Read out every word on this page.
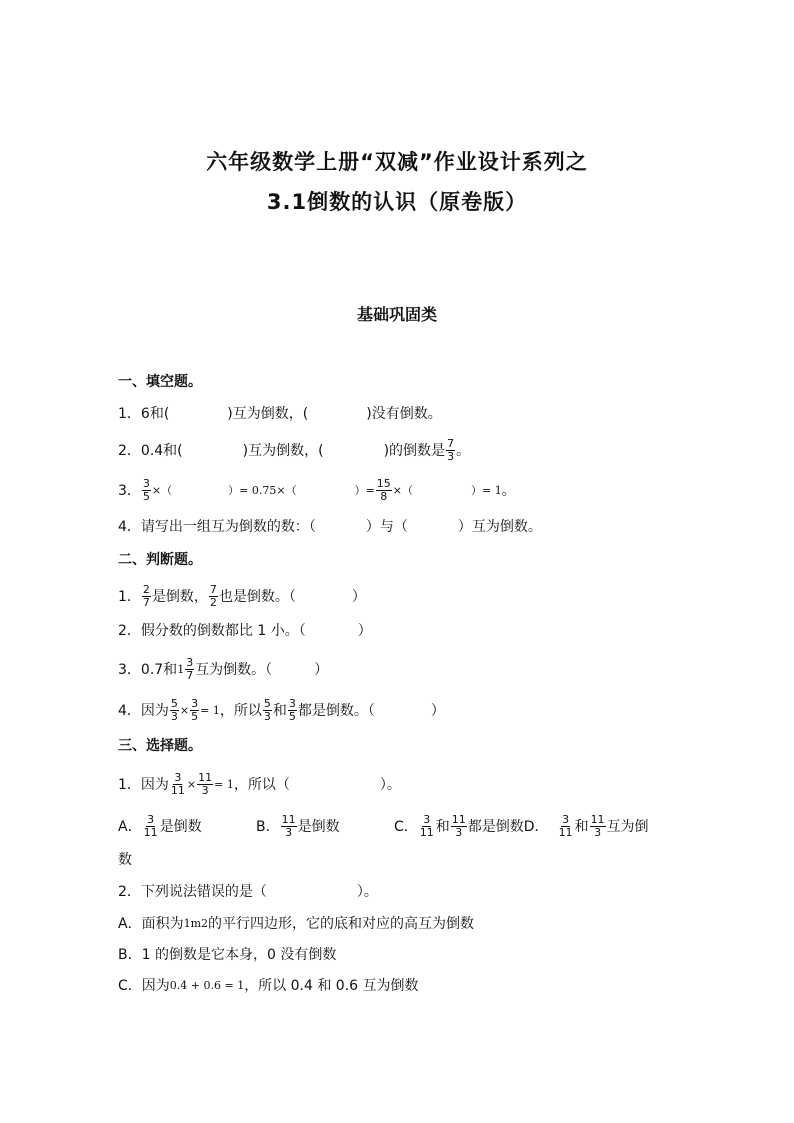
六年级数学上册“双减”作业设计系列之
3.1倒数的认识（原卷版）
基础巩固类
一、填空题。
1． 6和(	)互为倒数，(	)没有倒数。
2． 0.4和(	)互为倒数，(	)的倒数是 $\frac{7}{3}$ 。
3． $\frac{3}{5}$ ×（	）= 0.75×（	）= $\frac{15}{8}$ ×（	）= 1 。
4． 请写出一组互为倒数的数：（	）与（	）互为倒数。
二、判断题。
1． $\frac{2}{7}$ 是倒数， $\frac{7}{2}$ 也是倒数。（	）
2． 假分数的倒数都比 1 小。（	）
3． 0.7和 $1 \frac{3}{7}$ 互为倒数。（	）
4． 因为 $\frac{5}{3} \times \frac{3}{5} = 1$ ，所以 $\frac{5}{3}$ 和 $\frac{3}{5}$ 都是倒数。（	）
三、选择题。
1． 因为 $\frac{3}{11} \times \frac{11}{3} = 1$ ，所以（	）。
A． $\frac{3}{11}$ 是倒数	B． $\frac{11}{3}$ 是倒数	C． $\frac{3}{11}$ 和 $\frac{11}{3}$ 都是倒数 D． $\frac{3}{11}$ 和 $\frac{11}{3}$ 互为倒
数
2． 下列说法错误的是（	）。
A． 面积为 1m 2 的平行四边形，它的底和对应的高互为倒数
B． 1 的倒数是它本身，0 没有倒数
C． 因为 0.4 + 0.6 = 1 ，所以 0.4 和 0.6 互为倒数
